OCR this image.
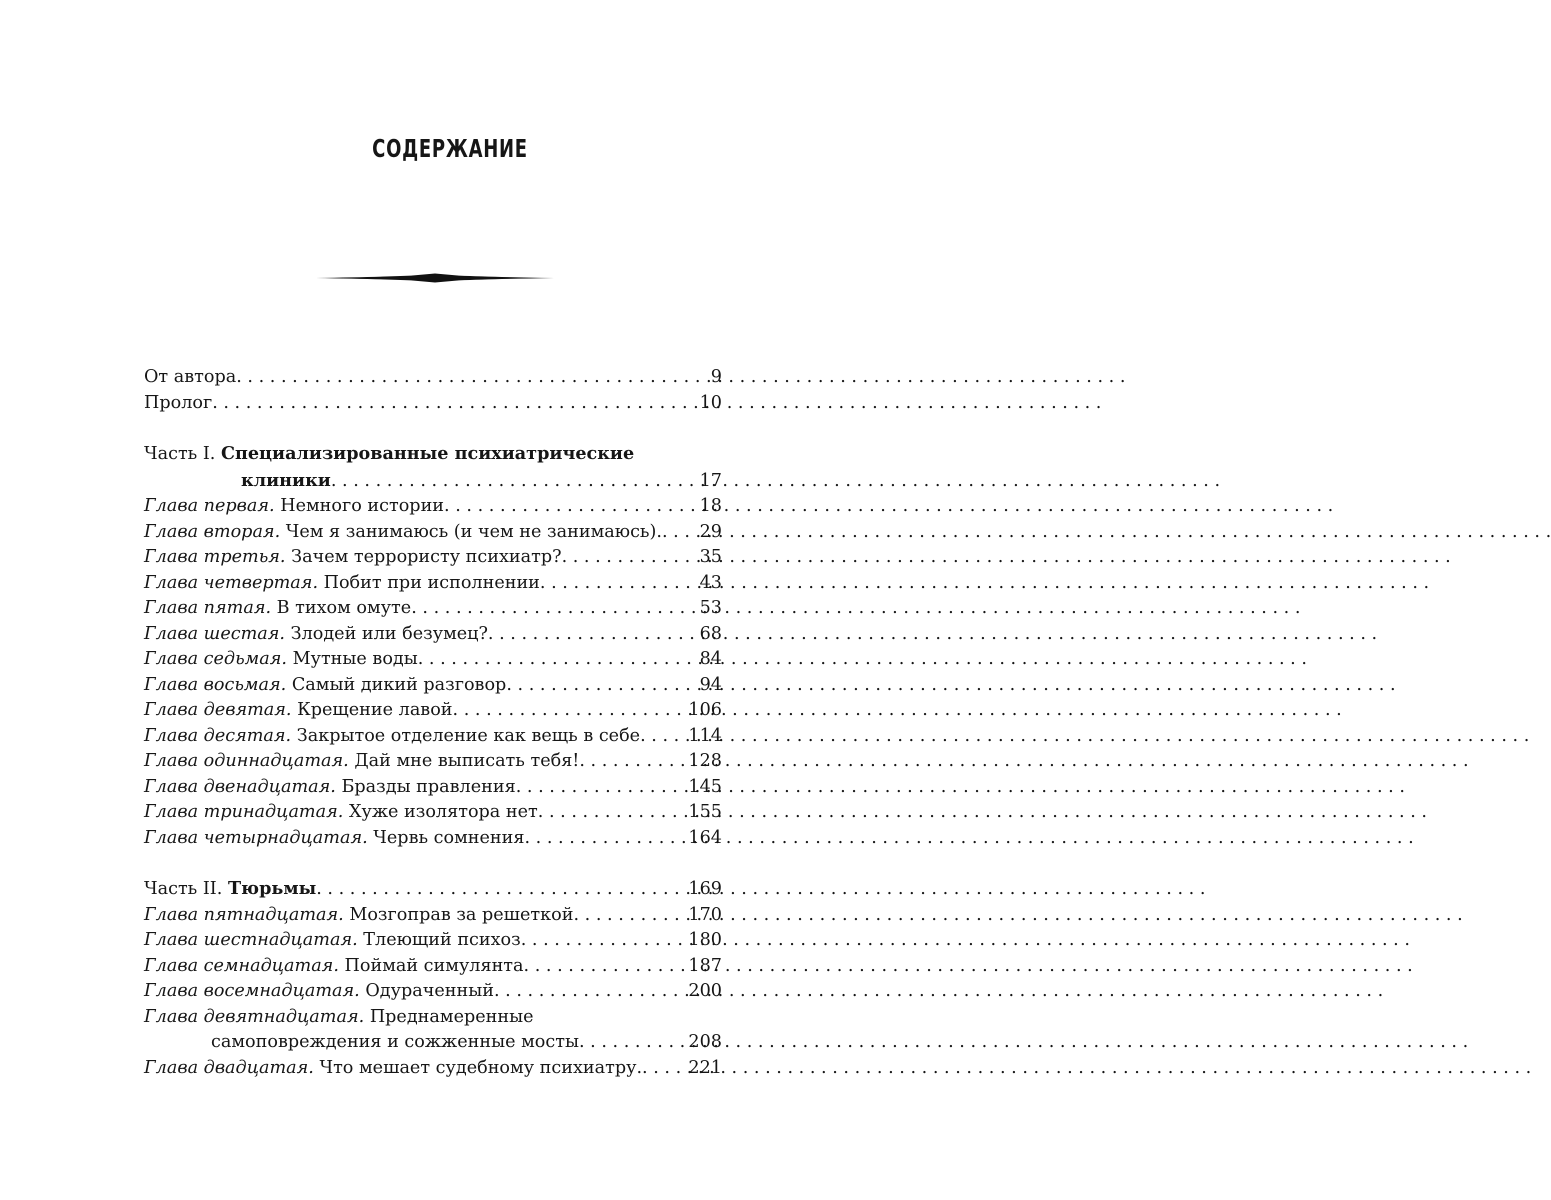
СОДЕРЖАНИЕ
От автора . . .	9
Пролог . . .	10
Часть I. Специализированные психиатрические
клиники . . .	17
Глава первая. Немного истории . . .	18
Глава вторая. Чем я занимаюсь (и чем не занимаюсь). . . . 29
Глава третья. Зачем террористу психиатр? . . .	35
Глава четвертая. Побит при исполнении . . .	43
Глава пятая. В тихом омуте . . .	53
Глава шестая. Злодей или безумец? . . .	68
Глава седьмая. Мутные воды . . .	84
Глава восьмая. Самый дикий разговор . . .	94
Глава девятая. Крещение лавой . . .	106
Глава десятая. Закрытое отделение как вещь в себе . . .	114
Глава одиннадцатая. Дай мне выписать тебя! . . .	128
Глава двенадцатая. Бразды правления . . .	145
Глава тринадцатая. Хуже изолятора нет . . .	155
Глава четырнадцатая. Червь сомнения . . .	164
Часть II. Тюрьмы . . .	169
Глава пятнадцатая. Мозгоправ за решеткой . . .	170
Глава шестнадцатая. Тлеющий психоз . . .	180
Глава семнадцатая. Поймай симулянта . . .	187
Глава восемнадцатая. Одураченный . . .	200
Глава девятнадцатая. Преднамеренные
самоповреждения и сожженные мосты . . .	208
Глава двадцатая. Что мешает судебному психиатру. . . .	221
